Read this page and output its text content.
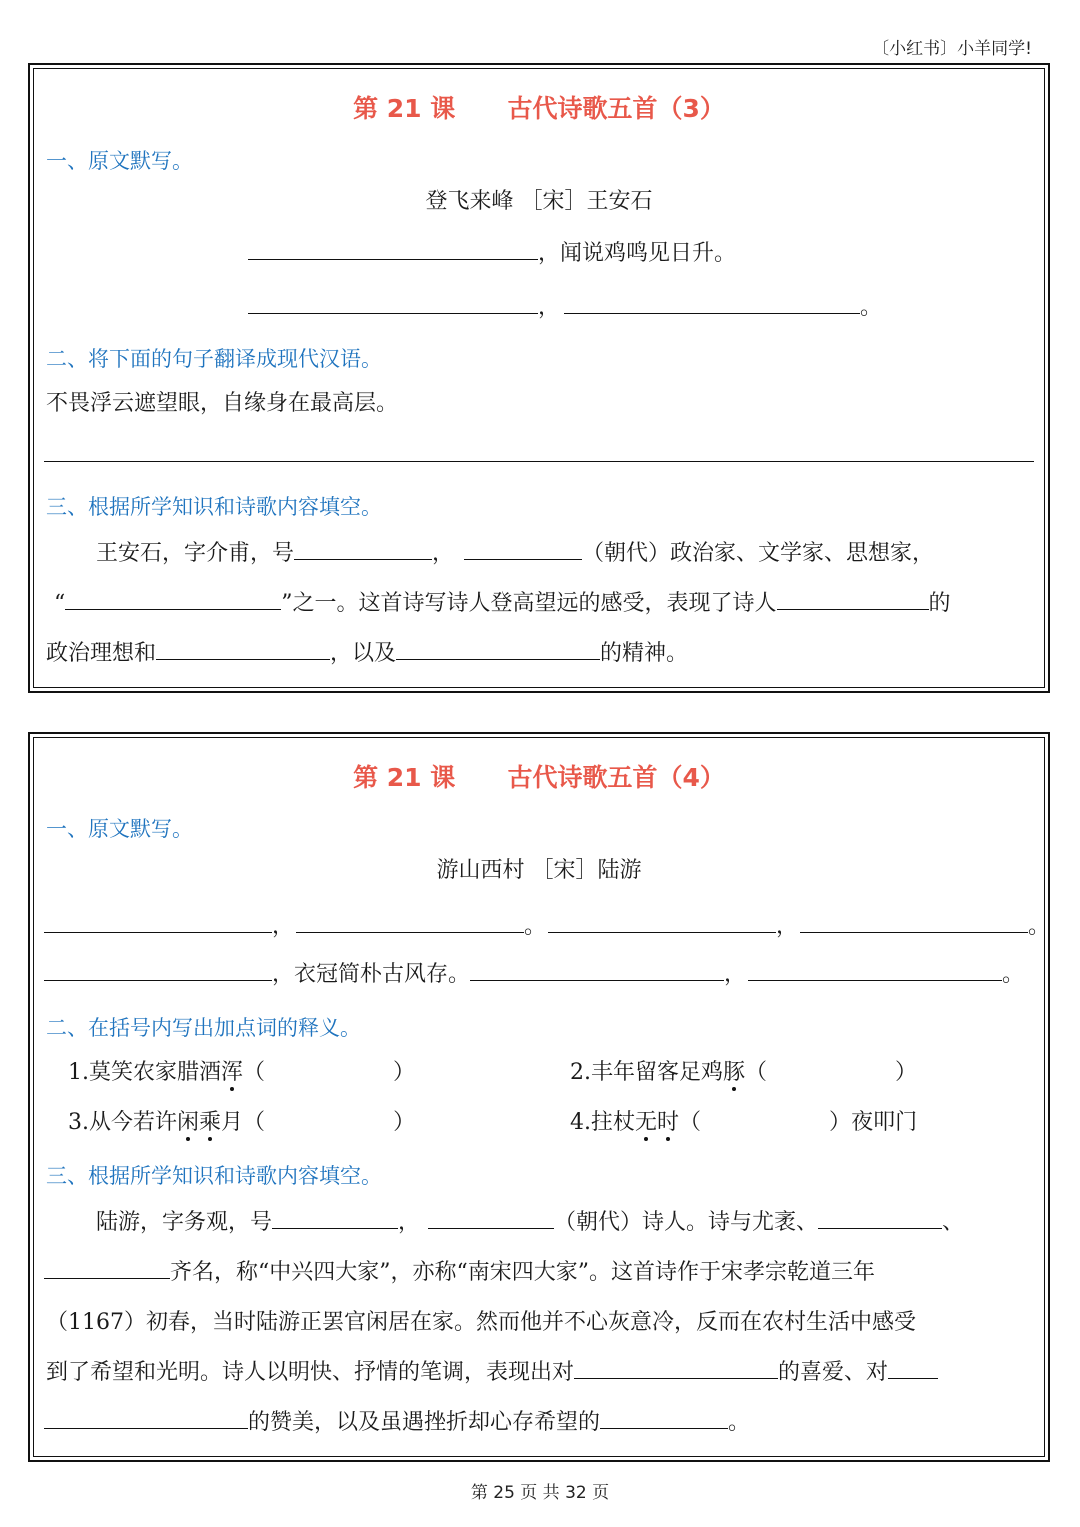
〔小红书〕小羊同学!
第 21 课      古代诗歌五首（3）
一、原文默写。
登飞来峰 ［宋］王安石
，闻说鸡鸣见日升。
，	。
二、将下面的句子翻译成现代汉语。
不畏浮云遮望眼，自缘身在最高层。
三、根据所学知识和诗歌内容填空。
王安石，字介甫，号	，	（朝代）政治家、文学家、思想家，
“	”之一。这首诗写诗人登高望远的感受，表现了诗人	的
政治理想和	，以及	的精神。
第 21 课      古代诗歌五首（4）
一、原文默写。
游山西村 ［宋］陆游
，	。	，	。
，衣冠简朴古风存。	，	。
二、在括号内写出加点词的释义。
1.莫笑农家腊酒浑（	）	2.丰年留客足鸡豚（	）
3.从今若许闲乘月（	）	4.拄杖无时（	）夜叩门
三、根据所学知识和诗歌内容填空。
陆游，字务观，号	，	（朝代）诗人。诗与尤袤、	、
齐名，称“中兴四大家”，亦称“南宋四大家”。这首诗作于宋孝宗乾道三年
（1167）初春，当时陆游正罢官闲居在家。然而他并不心灰意冷，反而在农村生活中感受
到了希望和光明。诗人以明快、抒情的笔调，表现出对	的喜爱、对
的赞美，以及虽遇挫折却心存希望的	。
第 25 页 共 32 页
